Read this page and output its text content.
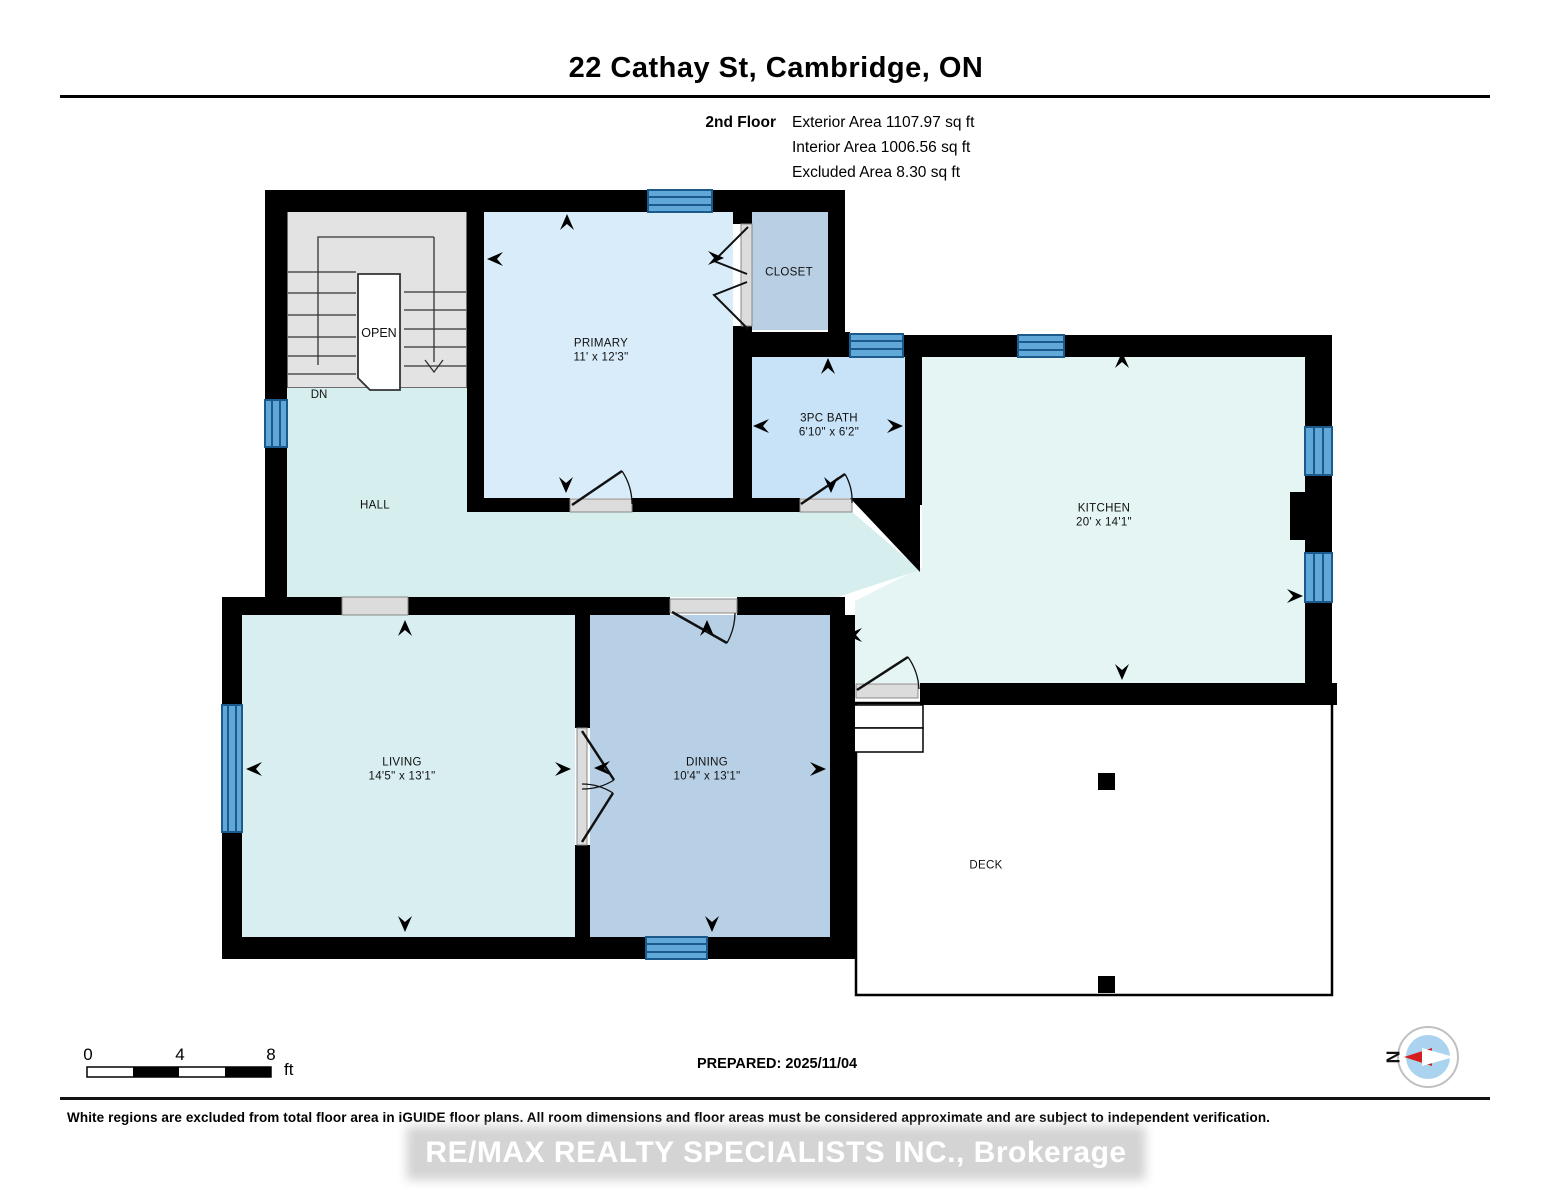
22 Cathay St, Cambridge, ON
2nd Floor Exterior Area 1107.97 sq ft
Interior Area 1006.56 sq ft
Excluded Area 8.30 sq ft
OPEN
DN
PRIMARY
11' x 12'3"
CLOSET
3PC BATH
6'10" x 6'2"
KITCHEN
20' x 14'1"
HALL
LIVING
14'5" x 13'1"
DINING
10'4" x 13'1"
DECK
0	4	8
ft
N
PREPARED: 2025/11/04
White regions are excluded from total floor area in iGUIDE floor plans. All room dimensions and floor areas must be considered approximate and are subject to independent verification.
RE/MAX REALTY SPECIALISTS INC., Brokerage
